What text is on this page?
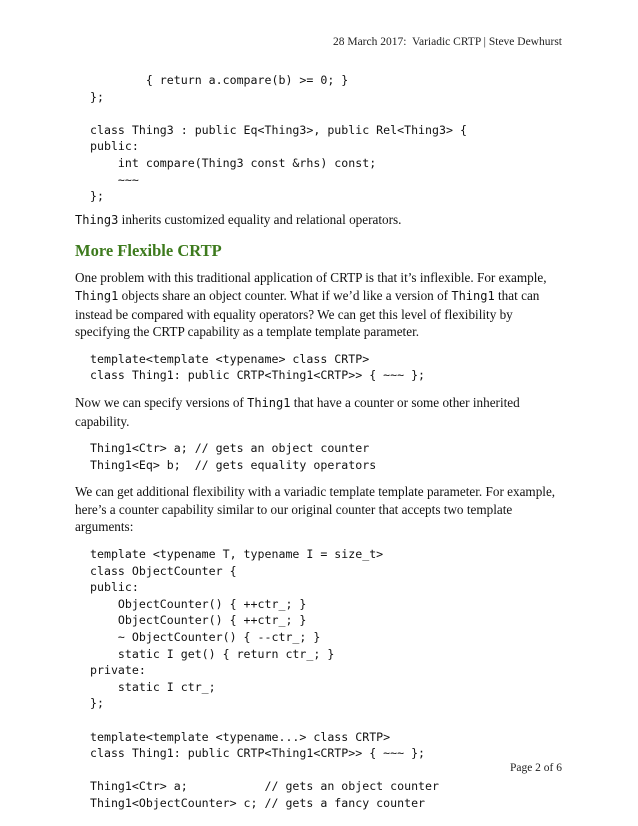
28 March 2017:  Variadic CRTP | Steve Dewhurst
{ return a.compare(b) >= 0; }
};

class Thing3 : public Eq<Thing3>, public Rel<Thing3> {
public:
int compare(Thing3 const &rhs) const;
~~~
};

Thing3 inherits customized equality and relational operators.

More Flexible CRTP

One problem with this traditional application of CRTP is that it’s inflexible. For example, Thing1 objects share an object counter. What if we’d like a version of Thing1 that can instead be compared with equality operators? We can get this level of flexibility by specifying the CRTP capability as a template template parameter.

template<template <typename> class CRTP>
class Thing1: public CRTP<Thing1<CRTP>> { ~~~ };

Now we can specify versions of Thing1 that have a counter or some other inherited capability.

Thing1<Ctr> a; // gets an object counter
Thing1<Eq> b;  // gets equality operators

We can get additional flexibility with a variadic template template parameter. For example, here’s a counter capability similar to our original counter that accepts two template arguments:

template <typename T, typename I = size_t>
class ObjectCounter {
public:
ObjectCounter() { ++ctr_; }
ObjectCounter() { ++ctr_; }
~ ObjectCounter() { --ctr_; }
static I get() { return ctr_; }
private:
static I ctr_;
};

template<template <typename...> class CRTP>
class Thing1: public CRTP<Thing1<CRTP>> { ~~~ };

Thing1<Ctr> a;           // gets an object counter
Thing1<ObjectCounter> c; // gets a fancy counter
Page 2 of 6
